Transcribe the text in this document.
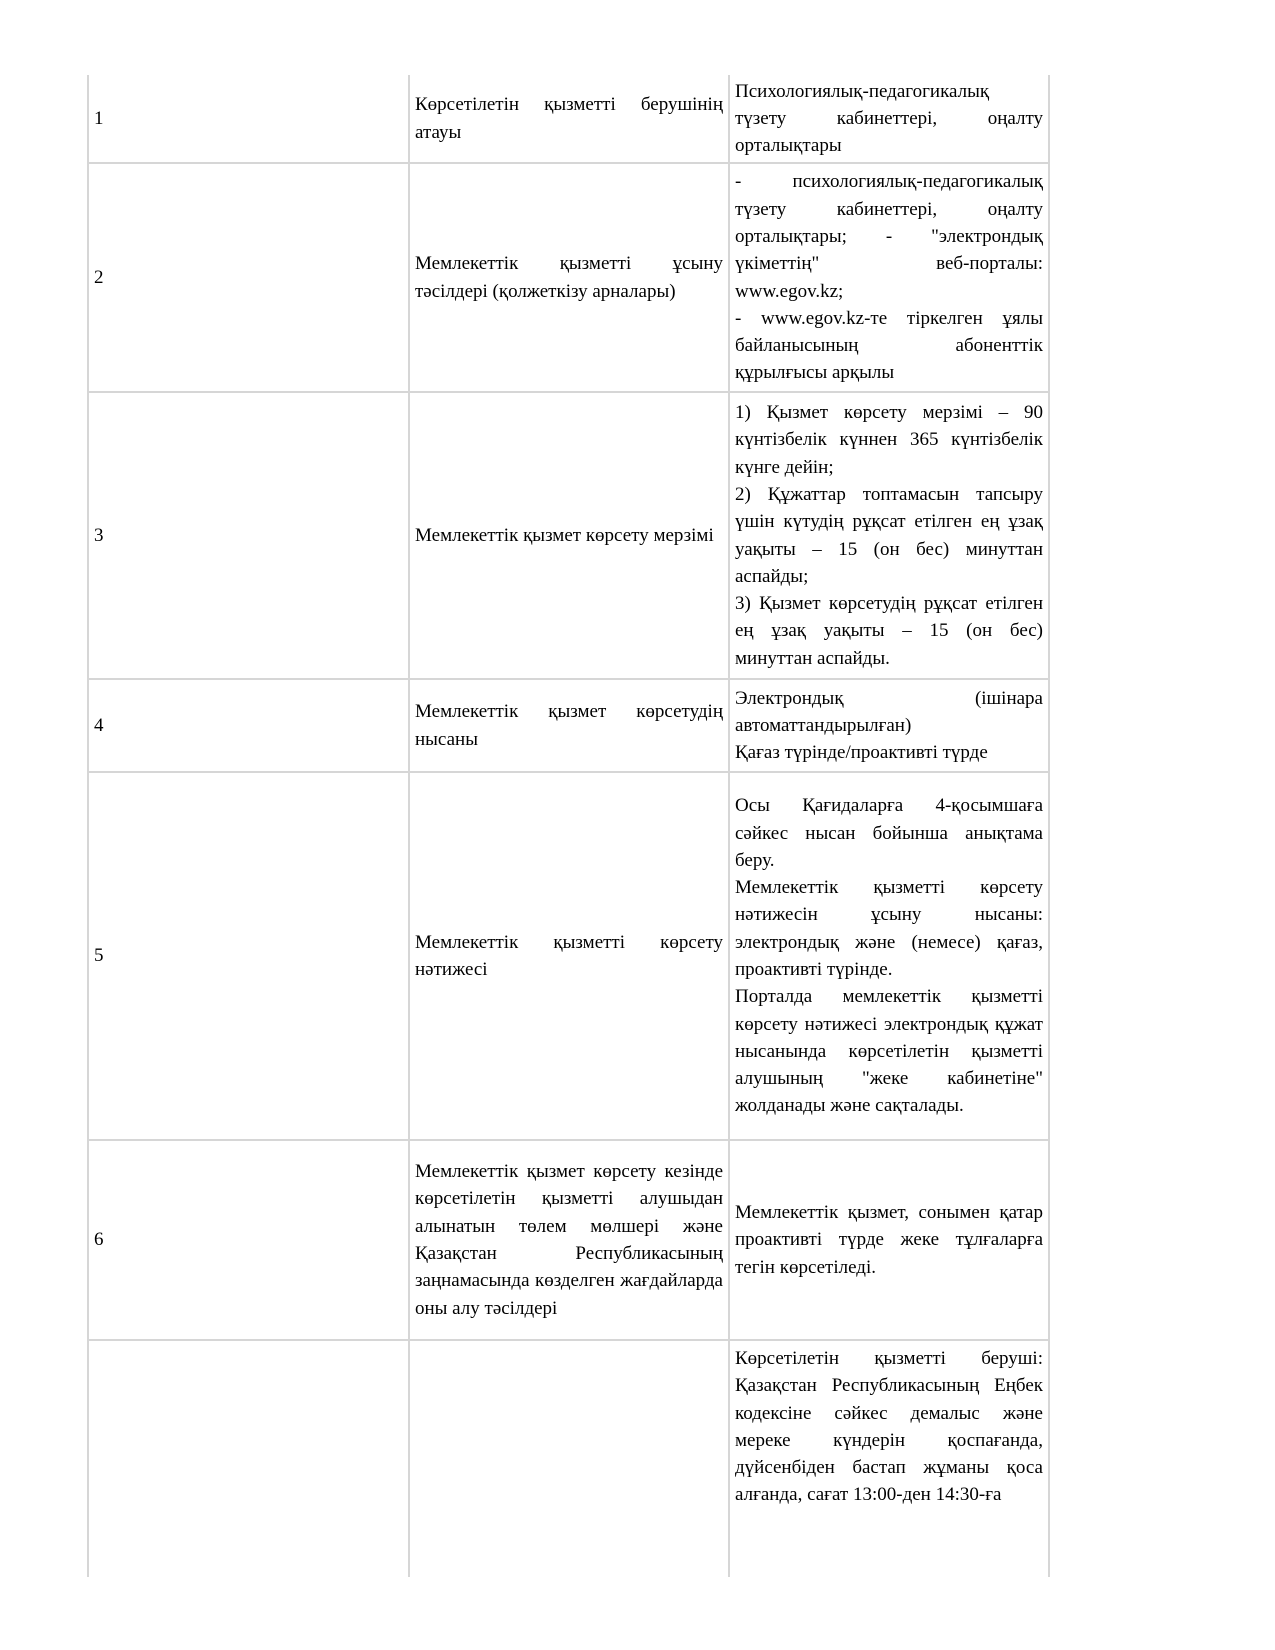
1	Көрсетілетін қызметті берушінің атауы	Психологиялық-педагогикалық түзету кабинеттері, оңалту орталықтары

2	Мемлекеттік қызметті ұсыну тәсілдері (қолжеткізу арналары)	- психологиялық-педагогикалық түзету кабинеттері, оңалту орталықтары; - "электрондық үкіметтің" веб-порталы: www.egov.kz;

- www.egov.kz-те тіркелген ұялы байланысының абоненттік құрылғысы арқылы

3	Мемлекеттік қызмет көрсету мерзімі	1) Қызмет көрсету мерзімі – 90 күнтізбелік күннен 365 күнтізбелік күнге дейін;

2) Құжаттар топтамасын тапсыру үшін күтудің рұқсат етілген ең ұзақ уақыты – 15 (он бес) минуттан аспайды;

3) Қызмет көрсетудің рұқсат етілген ең ұзақ уақыты – 15 (он бес) минуттан аспайды.

4	Мемлекеттік қызмет көрсетудің нысаны	Электрондық (ішінара автоматтандырылған)

Қағаз түрінде/проактивті түрде

5	Мемлекеттік қызметті көрсету нәтижесі	Осы Қағидаларға 4-қосымшаға сәйкес нысан бойынша анықтама беру.

Мемлекеттік қызметті көрсету нәтижесін ұсыну нысаны: электрондық және (немесе) қағаз, проактивті түрінде.

Порталда мемлекеттік қызметті көрсету нәтижесі электрондық құжат нысанында көрсетілетін қызметті алушының "жеке кабинетіне" жолданады және сақталады.

6	Мемлекеттік қызмет көрсету кезінде көрсетілетін қызметті алушыдан алынатын төлем мөлшері және Қазақстан Республикасының заңнамасында көзделген жағдайларда оны алу тәсілдері	Мемлекеттік қызмет, сонымен қатар проактивті түрде жеке тұлғаларға тегін көрсетіледі.

		Көрсетілетін қызметті беруші: Қазақстан Республикасының Еңбек кодексіне сәйкес демалыс және мереке күндерін қоспағанда, дүйсенбіден бастап жұманы қоса алғанда, сағат 13:00-ден 14:30-ға
